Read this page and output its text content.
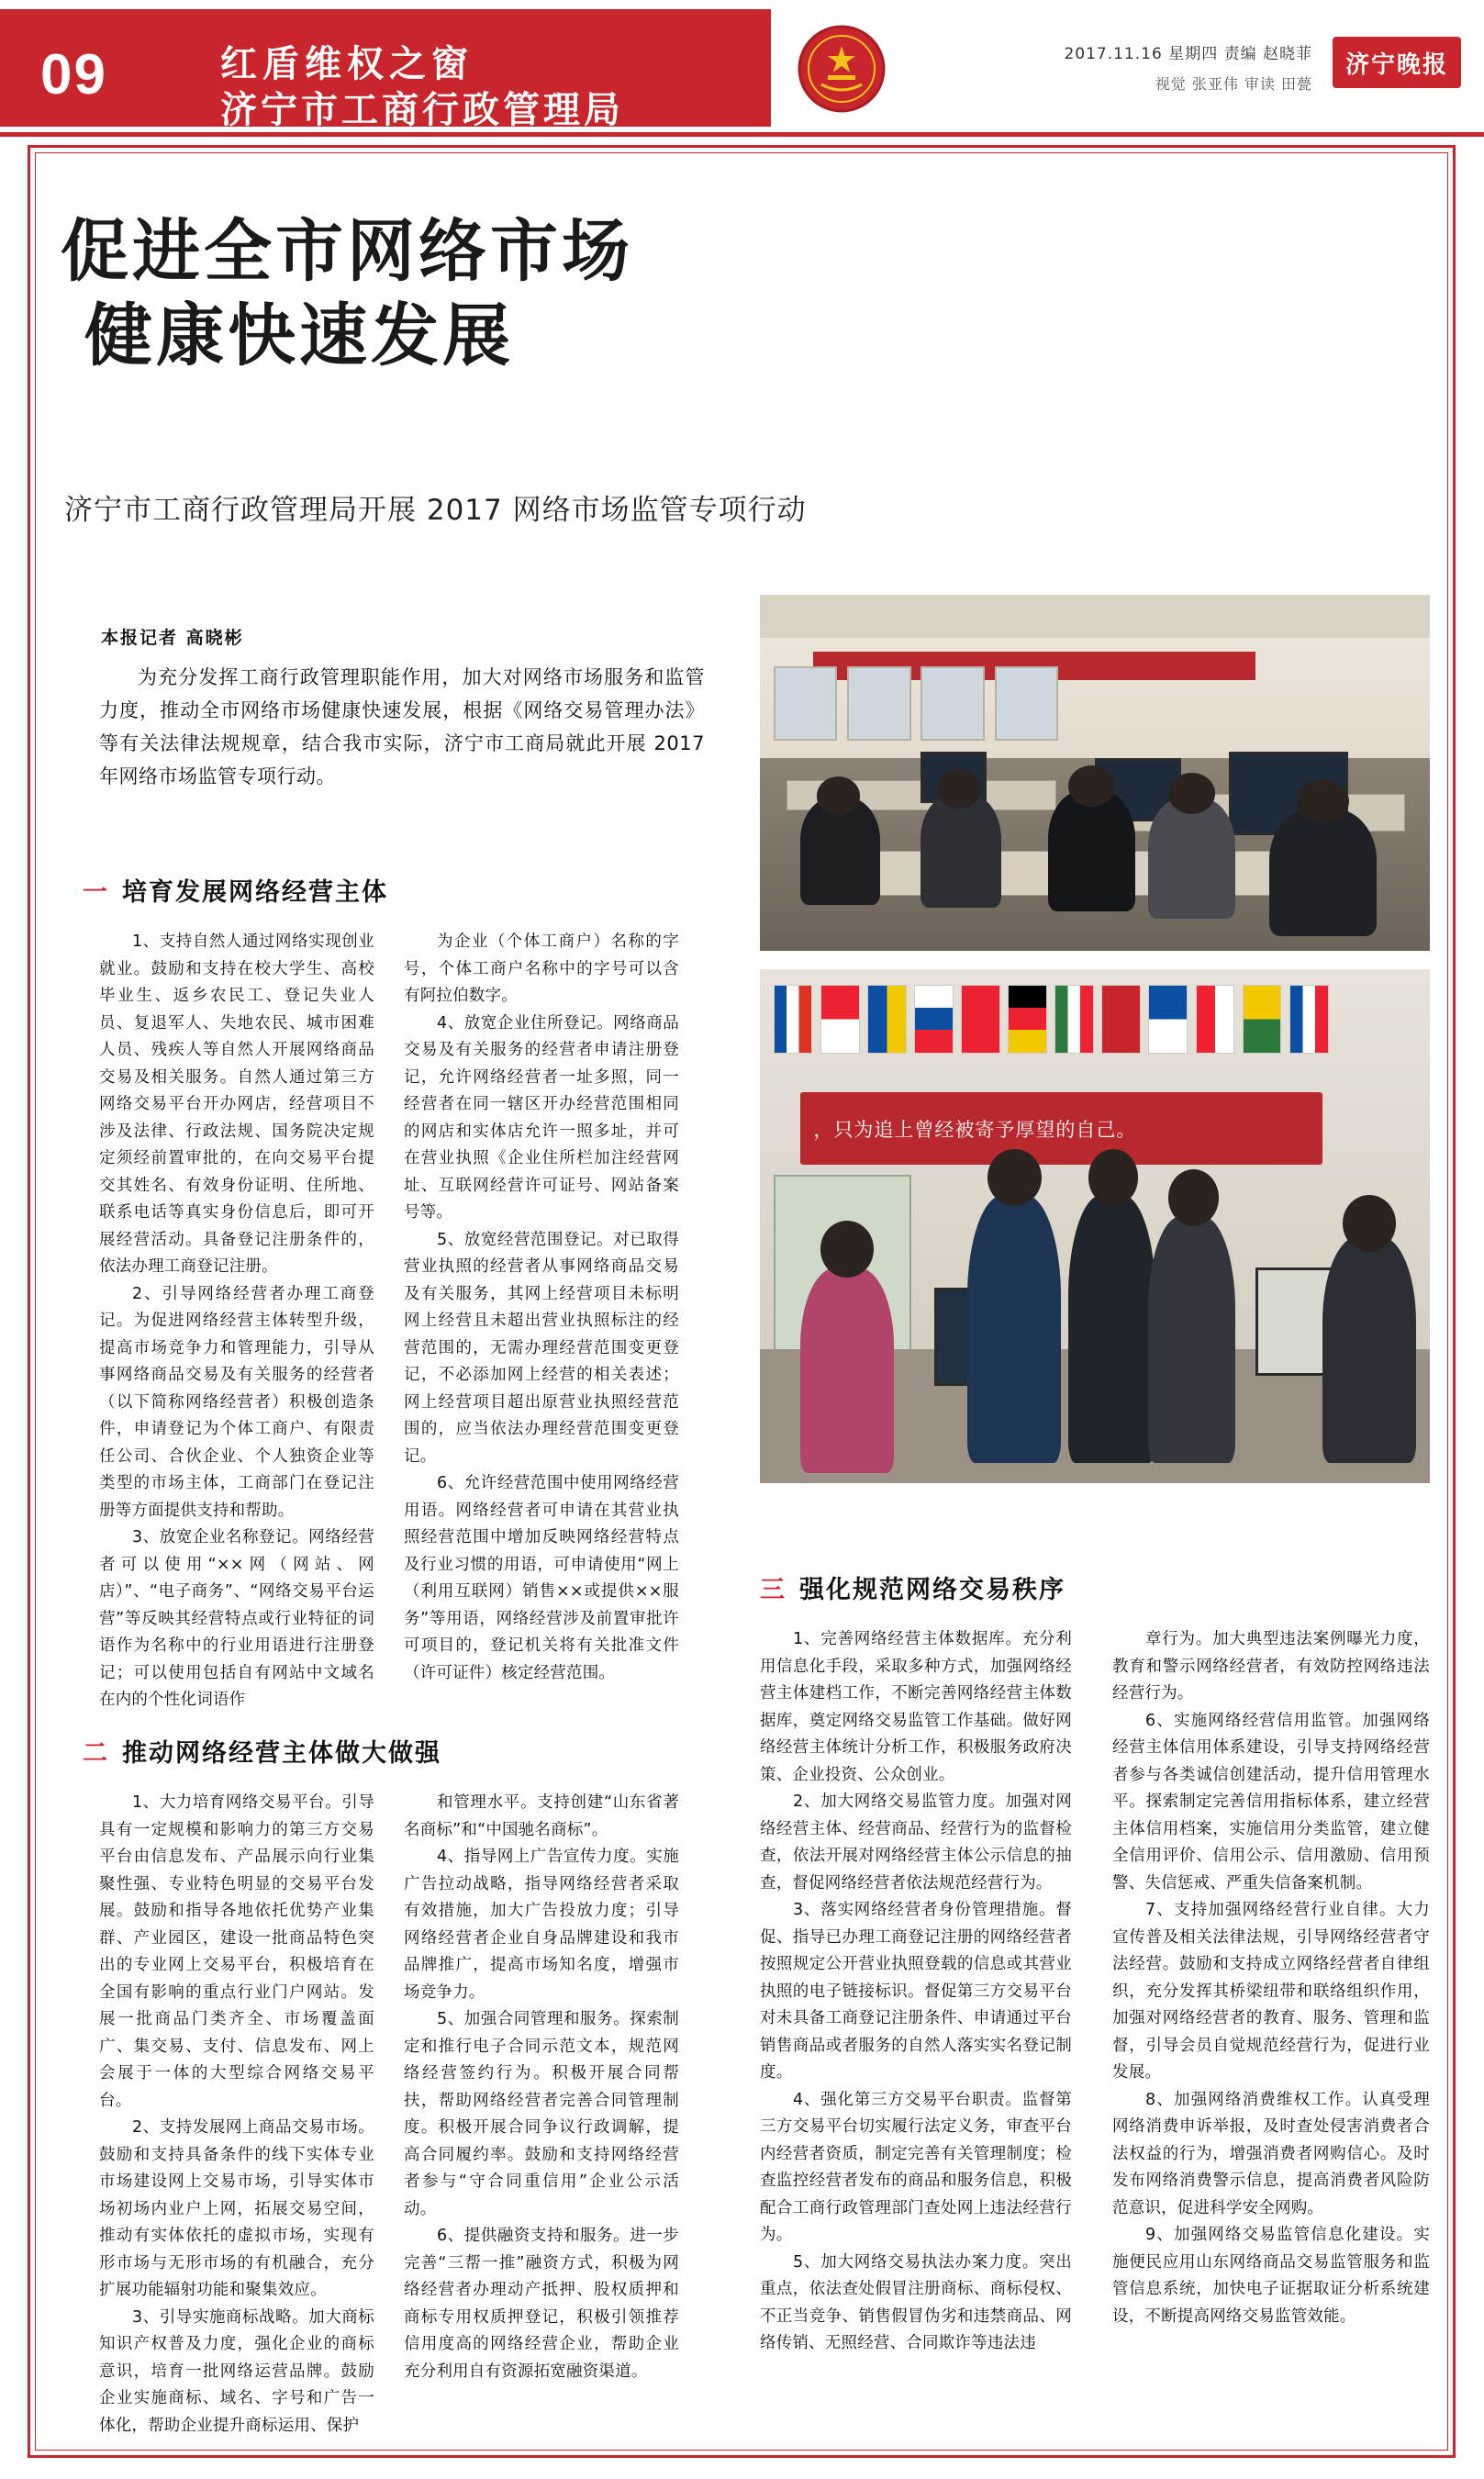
09	红盾维权之窗
济宁市工商行政管理局
2017.11.16 星期四 责编 赵晓菲
视觉 张亚伟 审读 田甍
济宁晚报
促进全市网络市场
健康快速发展
济宁市工商行政管理局开展 2017 网络市场监管专项行动
本报记者 高晓彬
为充分发挥工商行政管理职能作用，加大对网络市场服务和监管力度，推动全市网络市场健康快速发展，根据《网络交易管理办法》等有关法律法规规章，结合我市实际，济宁市工商局就此开展 2017 年网络市场监管专项行动。
，只为追上曾经被寄予厚望的自己。
一 培育发展网络经营主体
二 推动网络经营主体做大做强
三 强化规范网络交易秩序

1、支持自然人通过网络实现创业就业。鼓励和支持在校大学生、高校毕业生、返乡农民工、登记失业人员、复退军人、失地农民、城市困难人员、残疾人等自然人开展网络商品交易及相关服务。自然人通过第三方网络交易平台开办网店，经营项目不涉及法律、行政法规、国务院决定规定须经前置审批的，在向交易平台提交其姓名、有效身份证明、住所地、联系电话等真实身份信息后，即可开展经营活动。具备登记注册条件的，依法办理工商登记注册。

2、引导网络经营者办理工商登记。为促进网络经营主体转型升级，提高市场竞争力和管理能力，引导从事网络商品交易及有关服务的经营者（以下简称网络经营者）积极创造条件，申请登记为个体工商户、有限责任公司、合伙企业、个人独资企业等类型的市场主体，工商部门在登记注册等方面提供支持和帮助。

3、放宽企业名称登记。网络经营者可以使用“××网（网站、网店）”、“电子商务”、“网络交易平台运营”等反映其经营特点或行业特征的词语作为名称中的行业用语进行注册登记；可以使用包括自有网站中文域名在内的个性化词语作

为企业（个体工商户）名称的字号，个体工商户名称中的字号可以含有阿拉伯数字。

4、放宽企业住所登记。网络商品交易及有关服务的经营者申请注册登记，允许网络经营者一址多照，同一经营者在同一辖区开办经营范围相同的网店和实体店允许一照多址，并可在营业执照《企业住所栏加注经营网址、互联网经营许可证号、网站备案号等。

5、放宽经营范围登记。对已取得营业执照的经营者从事网络商品交易及有关服务，其网上经营项目未标明网上经营且未超出营业执照标注的经营范围的，无需办理经营范围变更登记，不必添加网上经营的相关表述；网上经营项目超出原营业执照经营范围的，应当依法办理经营范围变更登记。

6、允许经营范围中使用网络经营用语。网络经营者可申请在其营业执照经营范围中增加反映网络经营特点及行业习惯的用语，可申请使用“网上（利用互联网）销售××或提供××服务”等用语，网络经营涉及前置审批许可项目的，登记机关将有关批准文件（许可证件）核定经营范围。

1、大力培育网络交易平台。引导具有一定规模和影响力的第三方交易平台由信息发布、产品展示向行业集聚性强、专业特色明显的交易平台发展。鼓励和指导各地依托优势产业集群、产业园区，建设一批商品特色突出的专业网上交易平台，积极培育在全国有影响的重点行业门户网站。发展一批商品门类齐全、市场覆盖面广、集交易、支付、信息发布、网上会展于一体的大型综合网络交易平台。

2、支持发展网上商品交易市场。鼓励和支持具备条件的线下实体专业市场建设网上交易市场，引导实体市场初场内业户上网，拓展交易空间，推动有实体依托的虚拟市场，实现有形市场与无形市场的有机融合，充分扩展功能辐射功能和聚集效应。

3、引导实施商标战略。加大商标知识产权普及力度，强化企业的商标意识，培育一批网络运营品牌。鼓励企业实施商标、域名、字号和广告一体化，帮助企业提升商标运用、保护

和管理水平。支持创建“山东省著名商标”和“中国驰名商标”。

4、指导网上广告宣传力度。实施广告拉动战略，指导网络经营者采取有效措施，加大广告投放力度；引导网络经营者企业自身品牌建设和我市品牌推广，提高市场知名度，增强市场竞争力。

5、加强合同管理和服务。探索制定和推行电子合同示范文本，规范网络经营签约行为。积极开展合同帮扶，帮助网络经营者完善合同管理制度。积极开展合同争议行政调解，提高合同履约率。鼓励和支持网络经营者参与“守合同重信用”企业公示活动。

6、提供融资支持和服务。进一步完善“三帮一推”融资方式，积极为网络经营者办理动产抵押、股权质押和商标专用权质押登记，积极引领推荐信用度高的网络经营企业，帮助企业充分利用自有资源拓宽融资渠道。

1、完善网络经营主体数据库。充分利用信息化手段，采取多种方式，加强网络经营主体建档工作，不断完善网络经营主体数据库，奠定网络交易监管工作基础。做好网络经营主体统计分析工作，积极服务政府决策、企业投资、公众创业。

2、加大网络交易监管力度。加强对网络经营主体、经营商品、经营行为的监督检查，依法开展对网络经营主体公示信息的抽查，督促网络经营者依法规范经营行为。

3、落实网络经营者身份管理措施。督促、指导已办理工商登记注册的网络经营者按照规定公开营业执照登载的信息或其营业执照的电子链接标识。督促第三方交易平台对未具备工商登记注册条件、申请通过平台销售商品或者服务的自然人落实实名登记制度。

4、强化第三方交易平台职责。监督第三方交易平台切实履行法定义务，审查平台内经营者资质，制定完善有关管理制度；检查监控经营者发布的商品和服务信息，积极配合工商行政管理部门查处网上违法经营行为。

5、加大网络交易执法办案力度。突出重点，依法查处假冒注册商标、商标侵权、不正当竞争、销售假冒伪劣和违禁商品、网络传销、无照经营、合同欺诈等违法违

章行为。加大典型违法案例曝光力度，教育和警示网络经营者，有效防控网络违法经营行为。

6、实施网络经营信用监管。加强网络经营主体信用体系建设，引导支持网络经营者参与各类诚信创建活动，提升信用管理水平。探索制定完善信用指标体系，建立经营主体信用档案，实施信用分类监管，建立健全信用评价、信用公示、信用激励、信用预警、失信惩戒、严重失信备案机制。

7、支持加强网络经营行业自律。大力宣传普及相关法律法规，引导网络经营者守法经营。鼓励和支持成立网络经营者自律组织，充分发挥其桥梁纽带和联络组织作用，加强对网络经营者的教育、服务、管理和监督，引导会员自觉规范经营行为，促进行业发展。

8、加强网络消费维权工作。认真受理网络消费申诉举报，及时查处侵害消费者合法权益的行为，增强消费者网购信心。及时发布网络消费警示信息，提高消费者风险防范意识，促进科学安全网购。

9、加强网络交易监管信息化建设。实施便民应用山东网络商品交易监管服务和监管信息系统，加快电子证据取证分析系统建设，不断提高网络交易监管效能。
